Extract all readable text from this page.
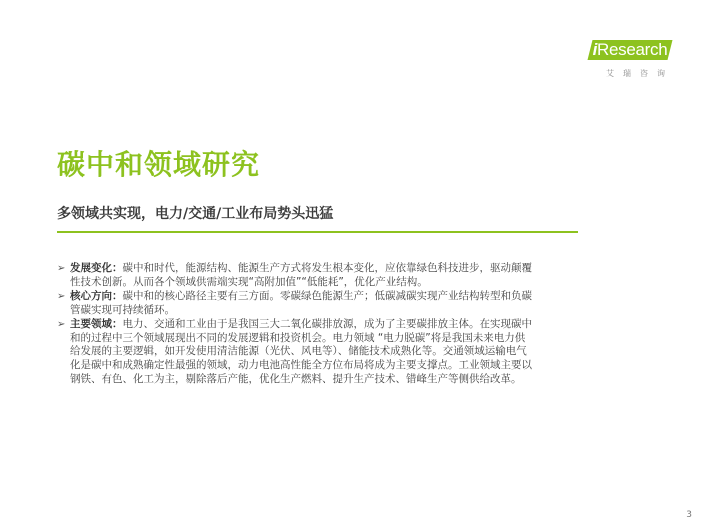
iResearch
艾瑞咨询
碳中和领域研究
多领域共实现，电力/交通/工业布局势头迅猛
➢ 发展变化：碳中和时代，能源结构、能源生产方式将发生根本变化，应依靠绿色科技进步，驱动颠覆性技术创新。从而各个领域供需端实现“高附加值”“低能耗”，优化产业结构。
➢ 核心方向：碳中和的核心路径主要有三方面。零碳绿色能源生产；低碳减碳实现产业结构转型和负碳管碳实现可持续循环。
➢ 主要领域：电力、交通和工业由于是我国三大二氧化碳排放源，成为了主要碳排放主体。在实现碳中和的过程中三个领域展现出不同的发展逻辑和投资机会。电力领域 “电力脱碳”将是我国未来电力供给发展的主要逻辑，如开发使用清洁能源（光伏、风电等）、储能技术成熟化等。交通领域运输电气化是碳中和成熟确定性最强的领域，动力电池高性能全方位布局将成为主要支撑点。工业领域主要以钢铁、有色、化工为主，剔除落后产能，优化生产燃料、提升生产技术、错峰生产等侧供给改革。
3
